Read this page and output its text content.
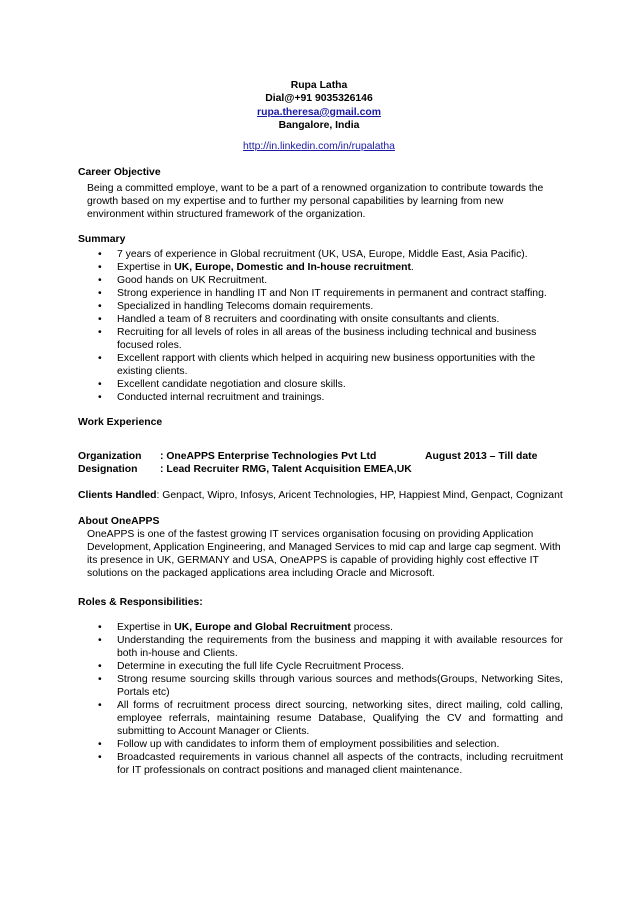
Rupa Latha
Dial@+91 9035326146
rupa.theresa@gmail.com
Bangalore, India
http://in.linkedin.com/in/rupalatha
Career Objective
Being a committed employe, want to be a part of a renowned organization to contribute towards the growth based on my expertise and to further my personal capabilities by learning from new environment within structured framework of the organization.
Summary
• 7 years of experience in Global recruitment (UK, USA, Europe, Middle East, Asia Pacific).
• Expertise in UK, Europe, Domestic and In-house recruitment.
• Good hands on UK Recruitment.
• Strong experience in handling IT and Non IT requirements in permanent and contract staffing.
• Specialized in handling Telecoms domain requirements.
• Handled a team of 8 recruiters and coordinating with onsite consultants and clients.
• Recruiting for all levels of roles in all areas of the business including technical and business focused roles.
• Excellent rapport with clients which helped in acquiring new business opportunities with the existing clients.
• Excellent candidate negotiation and closure skills.
• Conducted internal recruitment and trainings.
Work Experience
Organization	: OneAPPS Enterprise Technologies Pvt Ltd	August 2013 – Till date
Designation	: Lead Recruiter RMG, Talent Acquisition EMEA,UK
Clients Handled: Genpact, Wipro, Infosys, Aricent Technologies, HP, Happiest Mind, Genpact, Cognizant
About OneAPPS
OneAPPS is one of the fastest growing IT services organisation focusing on providing Application Development, Application Engineering, and Managed Services to mid cap and large cap segment. With its presence in UK, GERMANY and USA, OneAPPS is capable of providing highly cost effective IT solutions on the packaged applications area including Oracle and Microsoft.
Roles & Responsibilities:
• Expertise in UK, Europe and Global Recruitment process.
• Understanding the requirements from the business and mapping it with available resources for both in-house and Clients.
• Determine in executing the full life Cycle Recruitment Process.
• Strong resume sourcing skills through various sources and methods(Groups, Networking Sites, Portals etc)
• All forms of recruitment process direct sourcing, networking sites, direct mailing, cold calling, employee referrals, maintaining resume Database, Qualifying the CV and formatting and submitting to Account Manager or Clients.
• Follow up with candidates to inform them of employment possibilities and selection.
• Broadcasted requirements in various channel all aspects of the contracts, including recruitment for IT professionals on contract positions and managed client maintenance.
